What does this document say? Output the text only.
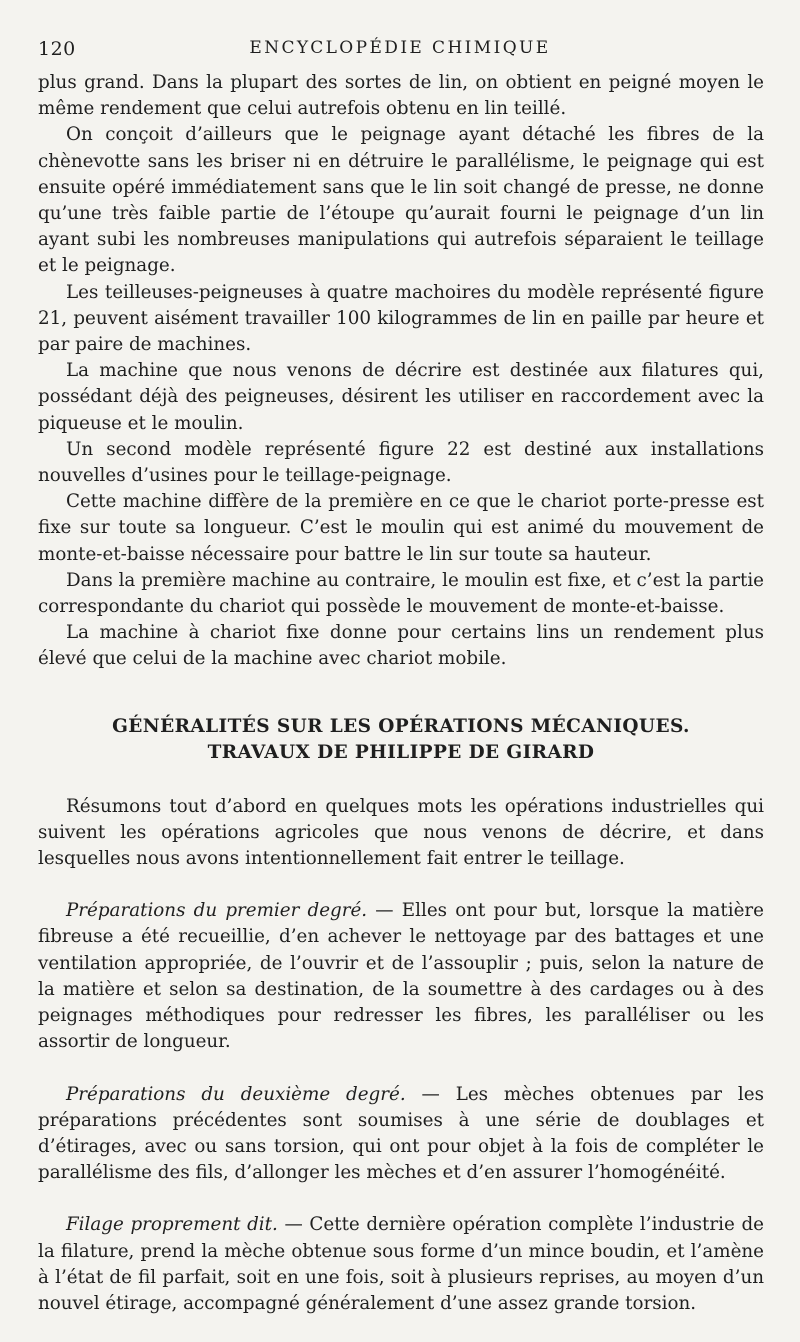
120	ENCYCLOPÉDIE CHIMIQUE

plus grand. Dans la plupart des sortes de lin, on obtient en peigné moyen le même rendement que celui autrefois obtenu en lin teillé.

On conçoit d’ailleurs que le peignage ayant détaché les fibres de la chènevotte sans les briser ni en détruire le parallélisme, le peignage qui est ensuite opéré immédiatement sans que le lin soit changé de presse, ne donne qu’une très faible partie de l’étoupe qu’aurait fourni le peignage d’un lin ayant subi les nombreuses manipulations qui autrefois séparaient le teillage et le peignage.

Les teilleuses-peigneuses à quatre machoires du modèle représenté figure 21, peuvent aisément travailler 100 kilogrammes de lin en paille par heure et par paire de machines.

La machine que nous venons de décrire est destinée aux filatures qui, possédant déjà des peigneuses, désirent les utiliser en raccordement avec la piqueuse et le moulin.

Un second modèle représenté figure 22 est destiné aux installations nouvelles d’usines pour le teillage-peignage.

Cette machine diffère de la première en ce que le chariot porte-presse est fixe sur toute sa longueur. C’est le moulin qui est animé du mouvement de monte-et-baisse nécessaire pour battre le lin sur toute sa hauteur.

Dans la première machine au contraire, le moulin est fixe, et c’est la partie correspondante du chariot qui possède le mouvement de monte-et-baisse.

La machine à chariot fixe donne pour certains lins un rendement plus élevé que celui de la machine avec chariot mobile.

GÉNÉRALITÉS SUR LES OPÉRATIONS MÉCANIQUES.
TRAVAUX DE PHILIPPE DE GIRARD

Résumons tout d’abord en quelques mots les opérations industrielles qui suivent les opérations agricoles que nous venons de décrire, et dans lesquelles nous avons intentionnellement fait entrer le teillage.

Préparations du premier degré. — Elles ont pour but, lorsque la matière fibreuse a été recueillie, d’en achever le nettoyage par des battages et une ventilation appropriée, de l’ouvrir et de l’assouplir ; puis, selon la nature de la matière et selon sa destination, de la soumettre à des cardages ou à des peignages méthodiques pour redresser les fibres, les paralléliser ou les assortir de longueur.

Préparations du deuxième degré. — Les mèches obtenues par les préparations précédentes sont soumises à une série de doublages et d’étirages, avec ou sans torsion, qui ont pour objet à la fois de compléter le parallélisme des fils, d’allonger les mèches et d’en assurer l’homogénéité.

Filage proprement dit. — Cette dernière opération complète l’industrie de la filature, prend la mèche obtenue sous forme d’un mince boudin, et l’amène à l’état de fil parfait, soit en une fois, soit à plusieurs reprises, au moyen d’un nouvel étirage, accompagné généralement d’une assez grande torsion.
